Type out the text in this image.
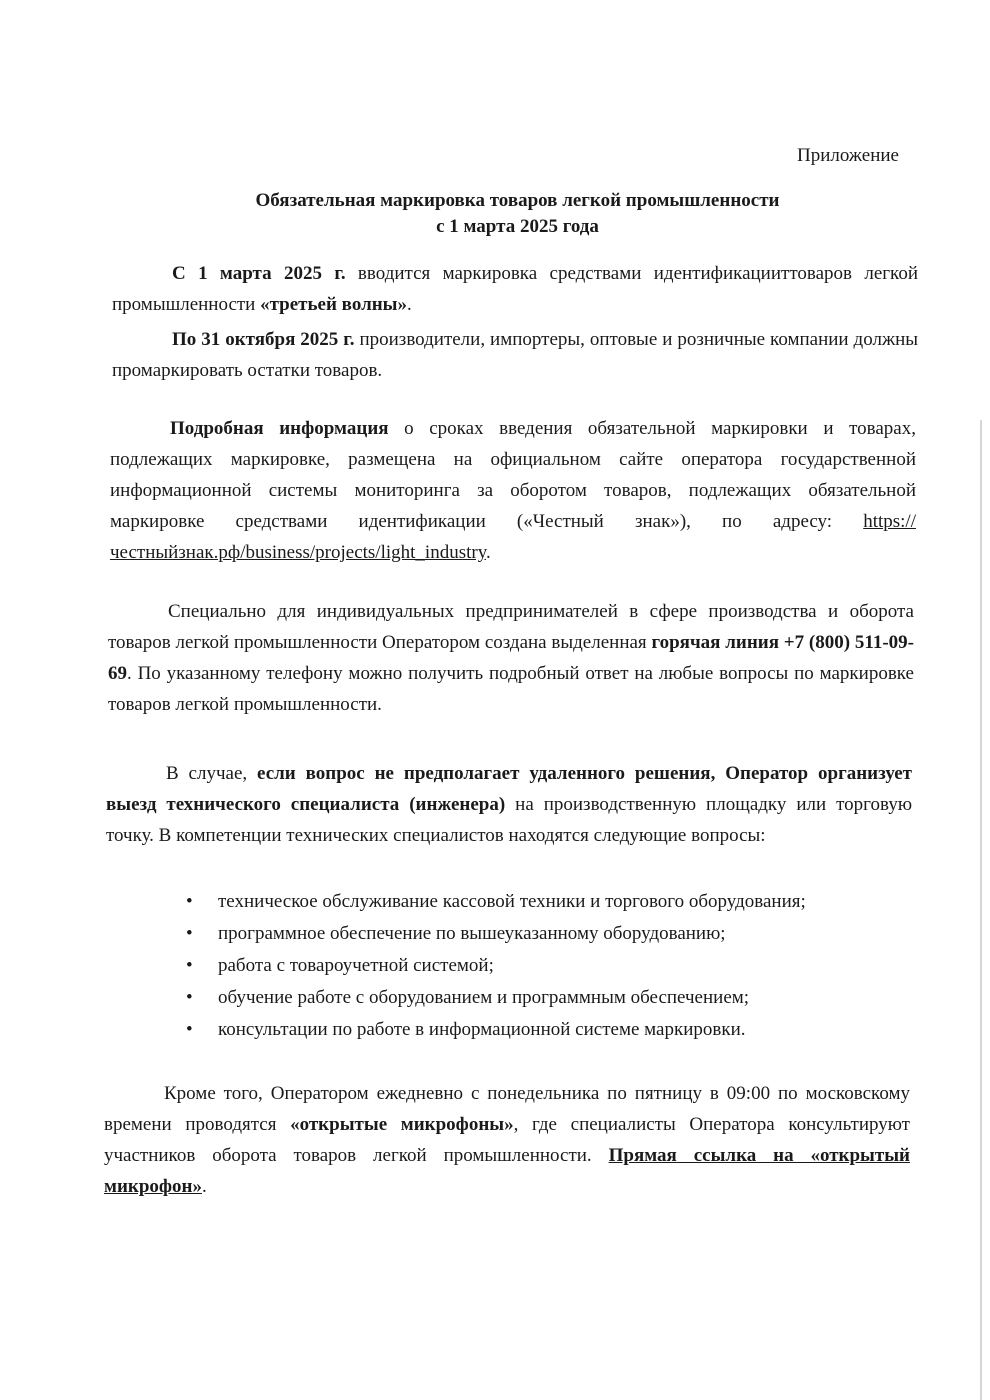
Приложение
Обязательная маркировка товаров легкой промышленности
с 1 марта 2025 года
С 1 марта 2025 г. вводится маркировка средствами идентификацииттоваров легкой промышленности «третьей волны».
По 31 октября 2025 г. производители, импортеры, оптовые и розничные компании должны промаркировать остатки товаров.
Подробная информация о сроках введения обязательной маркировки и товарах, подлежащих маркировке, размещена на официальном сайте оператора государственной информационной системы мониторинга за оборотом товаров, подлежащих обязательной маркировке средствами идентификации («Честный знак»), по адресу: https://честныйзнак.рф/business/projects/light_industry.
Специально для индивидуальных предпринимателей в сфере производства и оборота товаров легкой промышленности Оператором создана выделенная горячая линия +7 (800) 511-09-69. По указанному телефону можно получить подробный ответ на любые вопросы по маркировке товаров легкой промышленности.
В случае, если вопрос не предполагает удаленного решения, Оператор организует выезд технического специалиста (инженера) на производственную площадку или торговую точку. В компетенции технических специалистов находятся следующие вопросы:
• техническое обслуживание кассовой техники и торгового оборудования;
• программное обеспечение по вышеуказанному оборудованию;
• работа с товароучетной системой;
• обучение работе с оборудованием и программным обеспечением;
• консультации по работе в информационной системе маркировки.
Кроме того, Оператором ежедневно с понедельника по пятницу в 09:00 по московскому времени проводятся «открытые микрофоны», где специалисты Оператора консультируют участников оборота товаров легкой промышленности. Прямая ссылка на «открытый микрофон».
